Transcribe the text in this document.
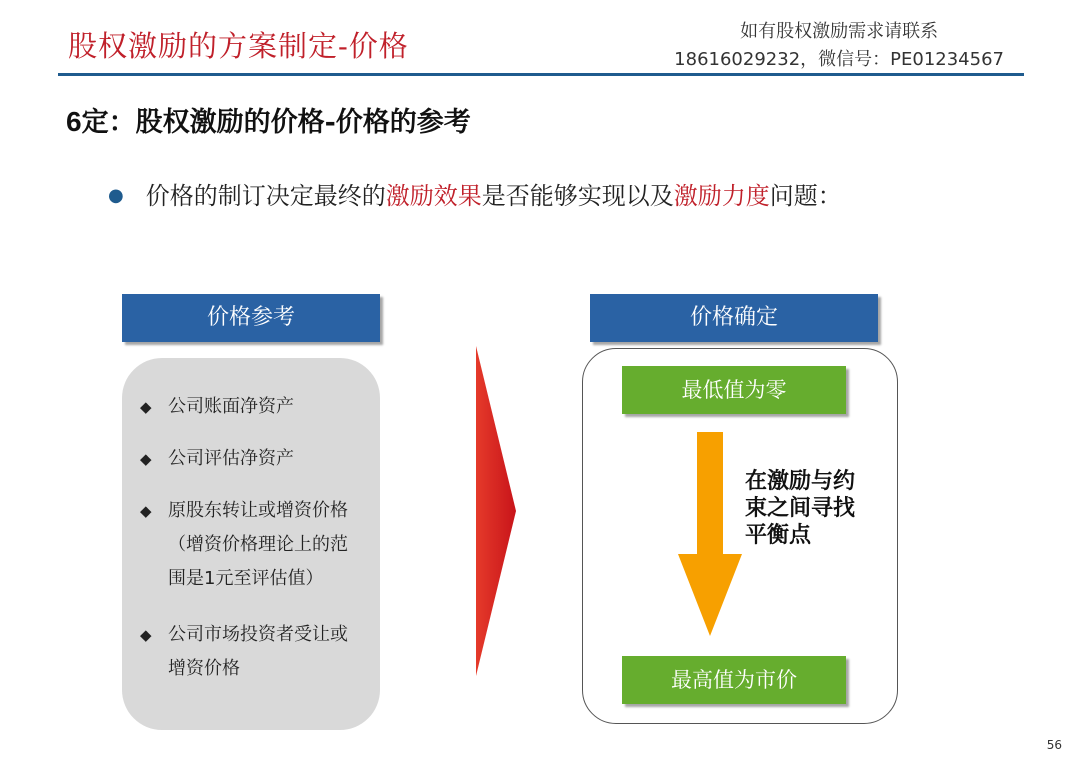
股权激励的方案制定-价格	如有股权激励需求请联系
18616029232，微信号：PE01234567
6定：股权激励的价格-价格的参考
● 价格的制订决定最终的激励效果是否能够实现以及激励力度问题：
价格参考
◆ 公司账面净资产
◆ 公司评估净资产
◆ 原股东转让或增资价格（增资价格理论上的范围是1元至评估值）
◆ 公司市场投资者受让或增资价格
价格确定
最低值为零
在激励与约束之间寻找平衡点
最高值为市价
56
